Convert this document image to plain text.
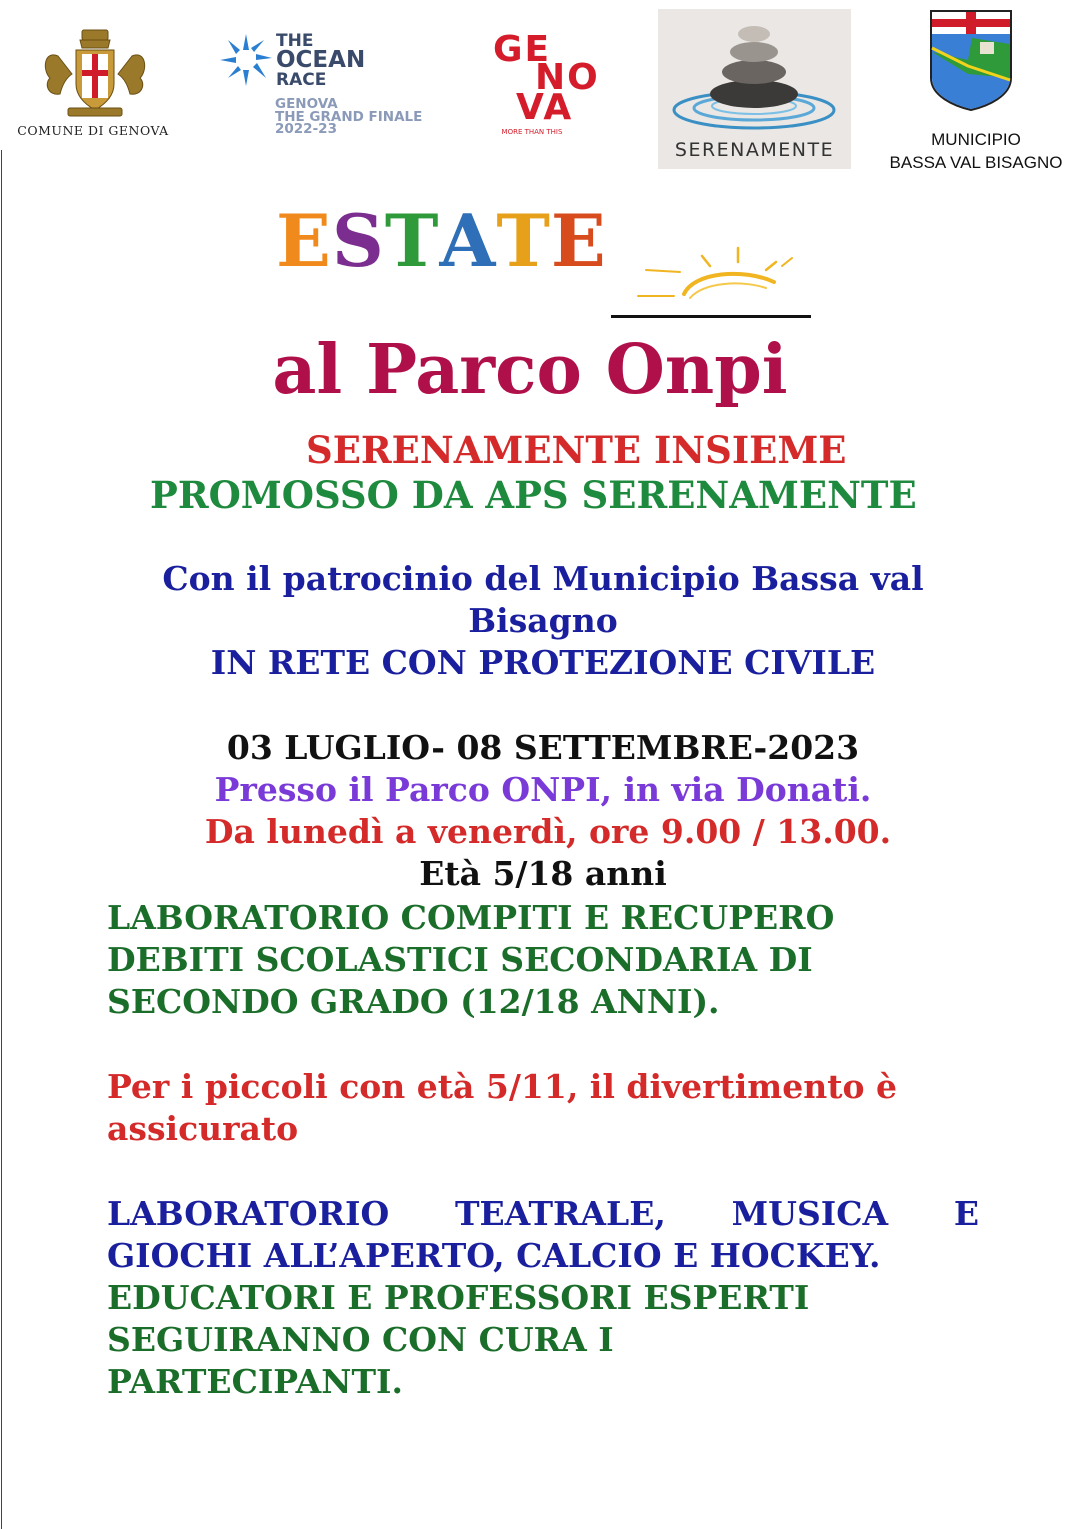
COMUNE DI GENOVA
THE
OCEAN
RACE
GENOVA
THE GRAND FINALE
2022-23
GE
NO
VA
MORE THAN THIS
SERENAMENTE	MUNICIPIO
BASSA VAL BISAGNO
ESTATE
al Parco Onpi
SERENAMENTE INSIEME
PROMOSSO DA APS SERENAMENTE
Con il patrocinio del Municipio Bassa val
Bisagno
IN RETE CON PROTEZIONE CIVILE
03 LUGLIO- 08 SETTEMBRE-2023
Presso il Parco ONPI, in via Donati.
Da lunedì a venerdì, ore 9.00 / 13.00.
Età 5/18 anni

LABORATORIO COMPITI E RECUPERO
DEBITI SCOLASTICI SECONDARIA DI
SECONDO GRADO (12/18 ANNI).

Per i piccoli con età 5/11, il divertimento è
assicurato

LABORATORIO TEATRALE, MUSICA E
GIOCHI ALL’APERTO, CALCIO E HOCKEY.

EDUCATORI E PROFESSORI ESPERTI
SEGUIRANNO CON CURA I
PARTECIPANTI.
